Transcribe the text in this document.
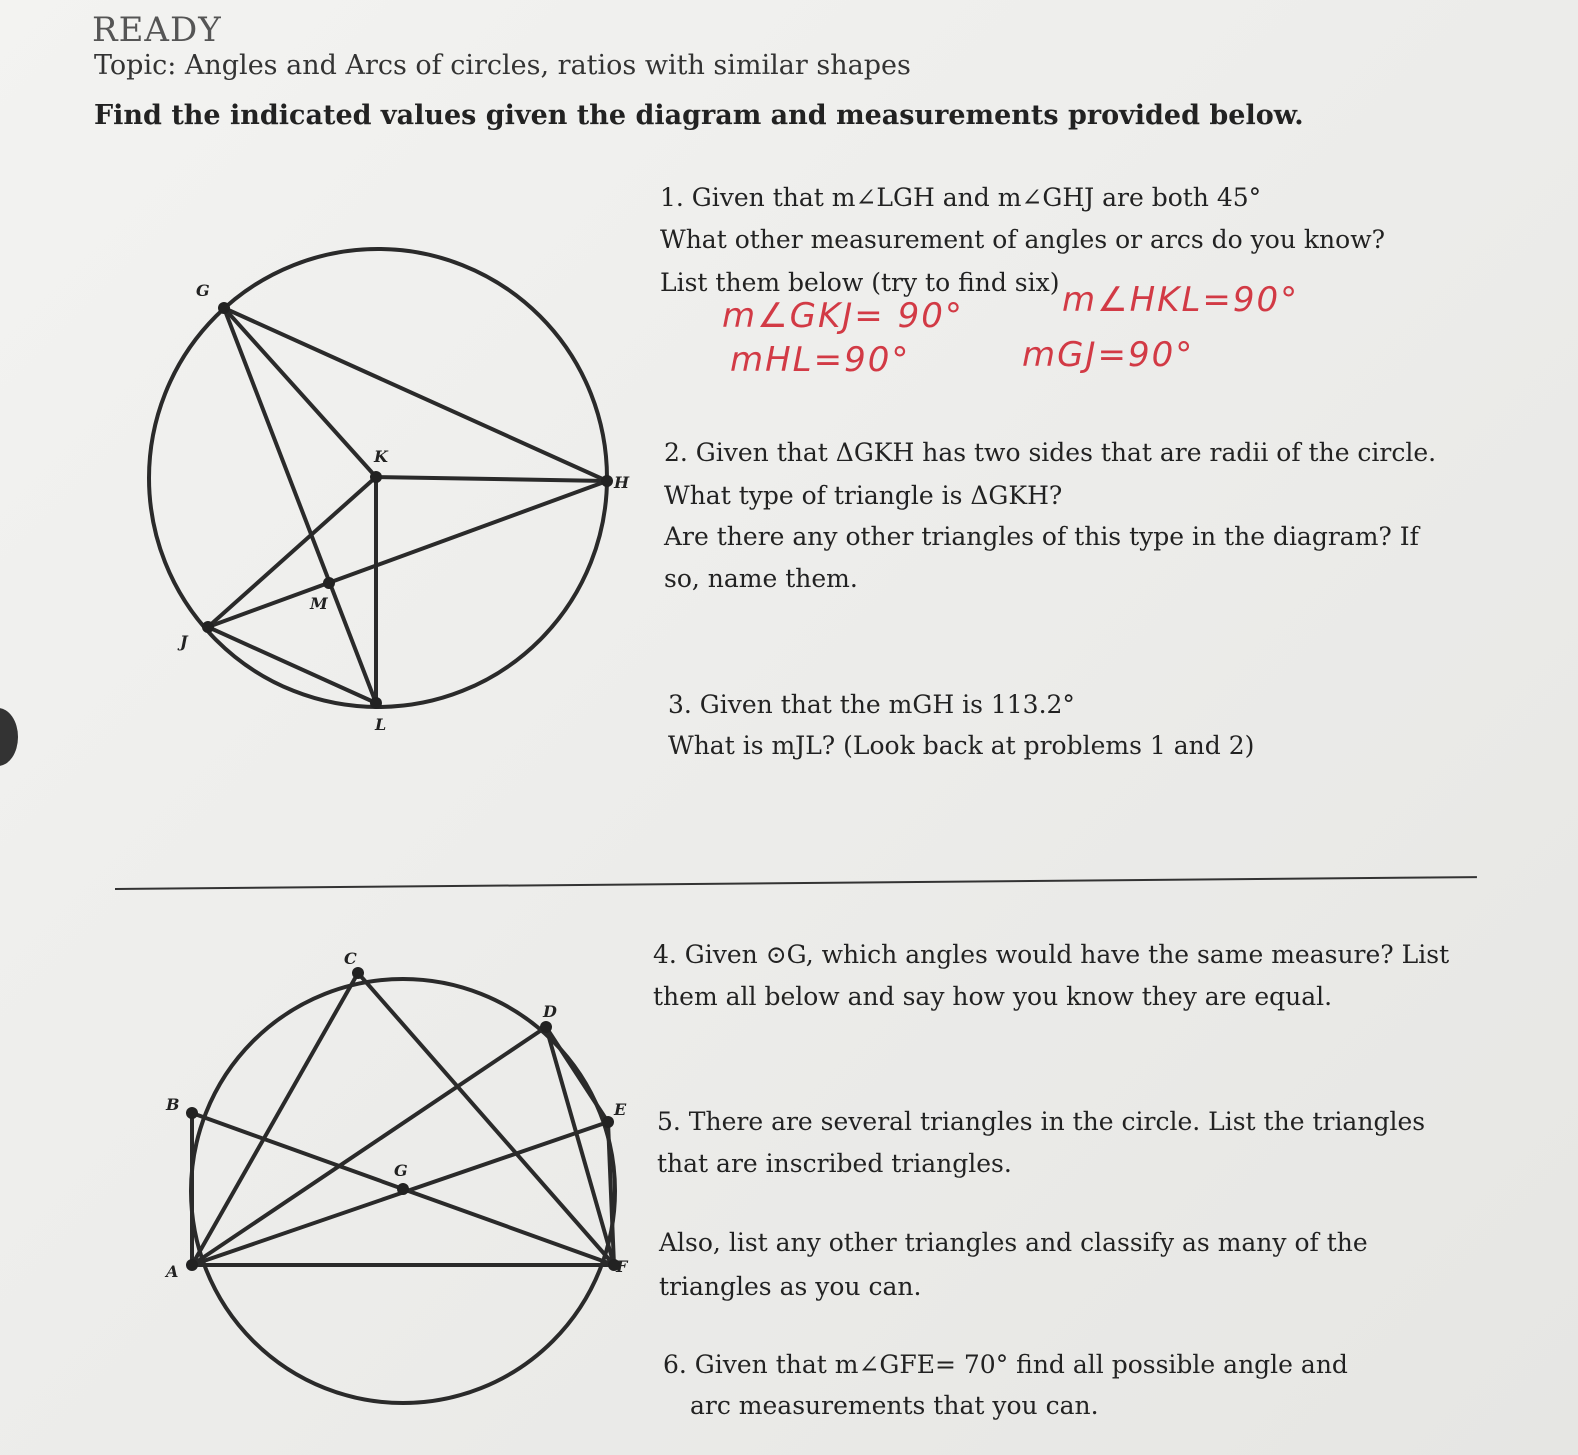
READY
Topic: Angles and Arcs of circles, ratios with similar shapes
Find the indicated values given the diagram and measurements provided below.
G
K
H
M
J
L
C
D
B	E
G
A	F
1. Given that m∠LGH and m∠GHJ are both 45°
What other measurement of angles or arcs do you know?
List them below (try to find six)
m∠GKJ= 90°	m∠HKL=90°
mHL=90°	mGJ=90°
2. Given that ΔGKH has two sides that are radii of the circle.
What type of triangle is ΔGKH?
Are there any other triangles of this type in the diagram? If
so, name them.
3. Given that the mGH is 113.2°
What is mJL? (Look back at problems 1 and 2)
4. Given ⊙G, which angles would have the same measure? List
them all below and say how you know they are equal.
5. There are several triangles in the circle. List the triangles
that are inscribed triangles.
Also, list any other triangles and classify as many of the
triangles as you can.
6. Given that m∠GFE= 70° find all possible angle and
arc measurements that you can.
